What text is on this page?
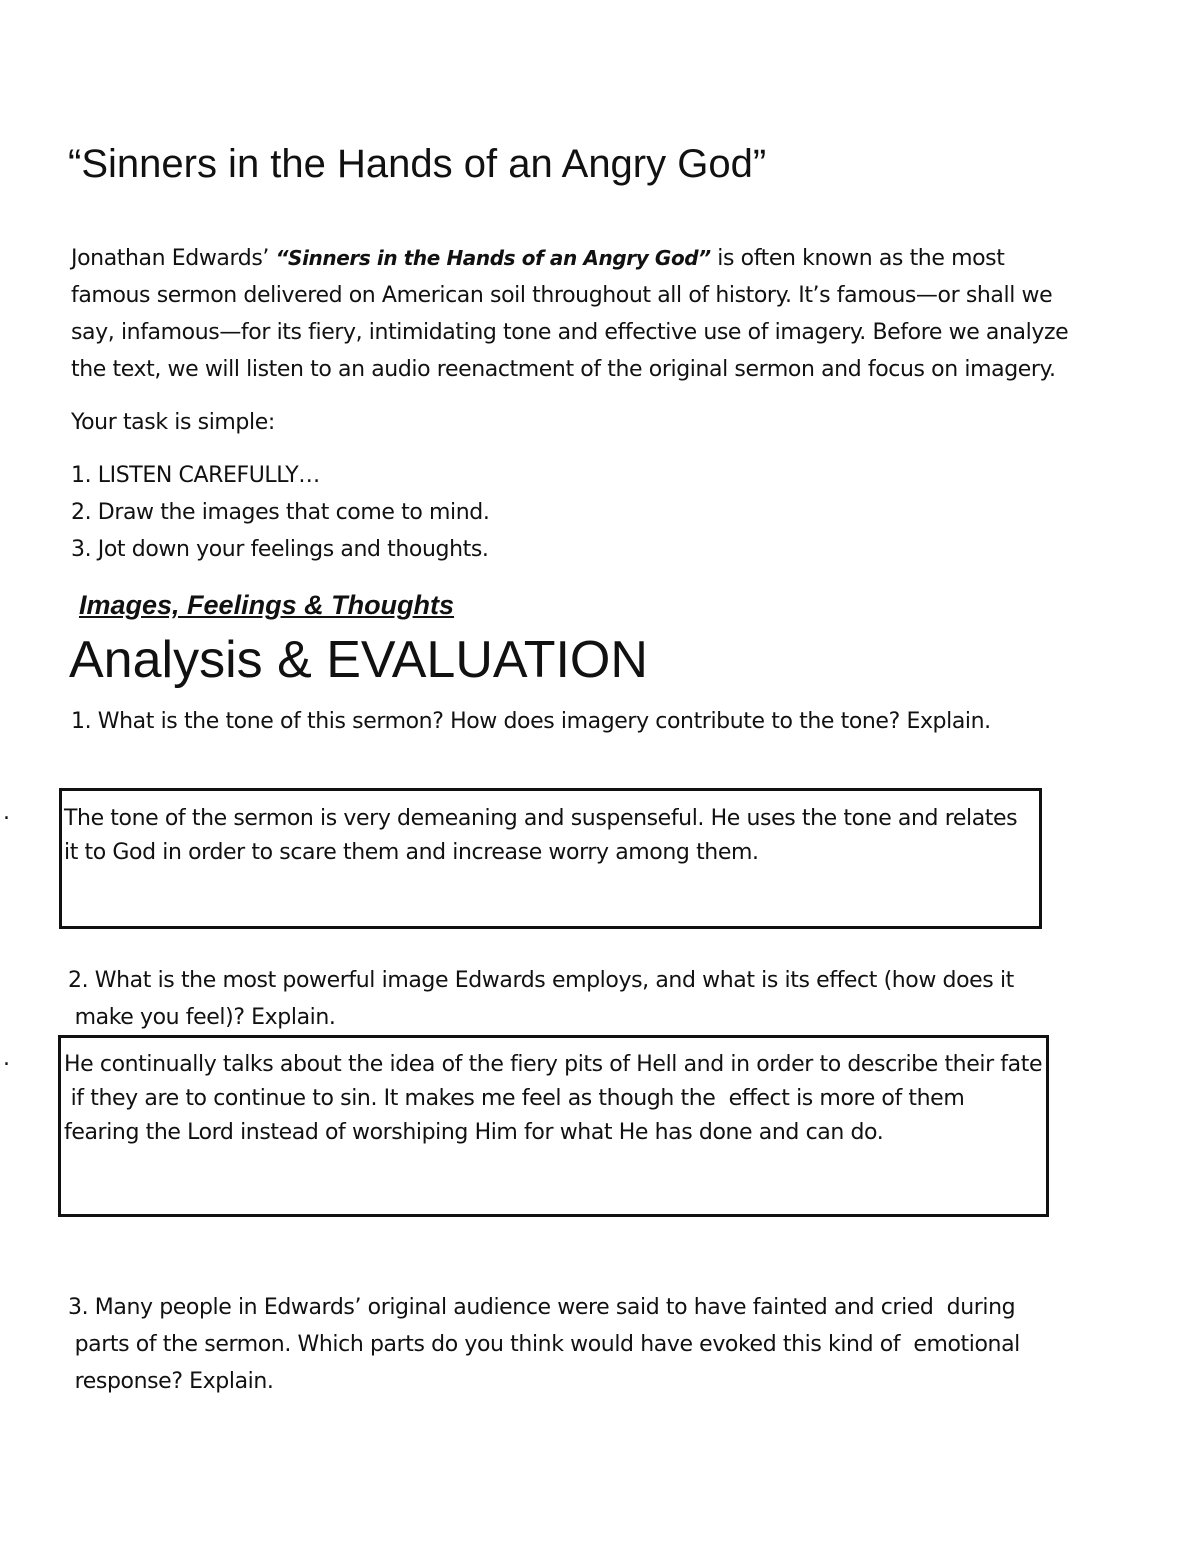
“Sinners in the Hands of an Angry God”
Jonathan Edwards’ “Sinners in the Hands of an Angry God” is often known as the most
famous sermon delivered on American soil throughout all of history. It’s famous—or shall we
say, infamous—for its fiery, intimidating tone and effective use of imagery. Before we analyze
the text, we will listen to an audio reenactment of the original sermon and focus on imagery.
Your task is simple:
1. LISTEN CAREFULLY…
2. Draw the images that come to mind.
3. Jot down your feelings and thoughts.
Images, Feelings & Thoughts
Analysis & EVALUATION
1. What is the tone of this sermon? How does imagery contribute to the tone? Explain.
. The tone of the sermon is very demeaning and suspenseful. He uses the tone and relates
it to God in order to scare them and increase worry among them.
2. What is the most powerful image Edwards employs, and what is its effect (how does it
make you feel)? Explain.
. He continually talks about the idea of the fiery pits of Hell and in order to describe their fate
if they are to continue to sin. It makes me feel as though the  effect is more of them
fearing the Lord instead of worshiping Him for what He has done and can do.
3. Many people in Edwards’ original audience were said to have fainted and cried  during
parts of the sermon. Which parts do you think would have evoked this kind of  emotional
response? Explain.
